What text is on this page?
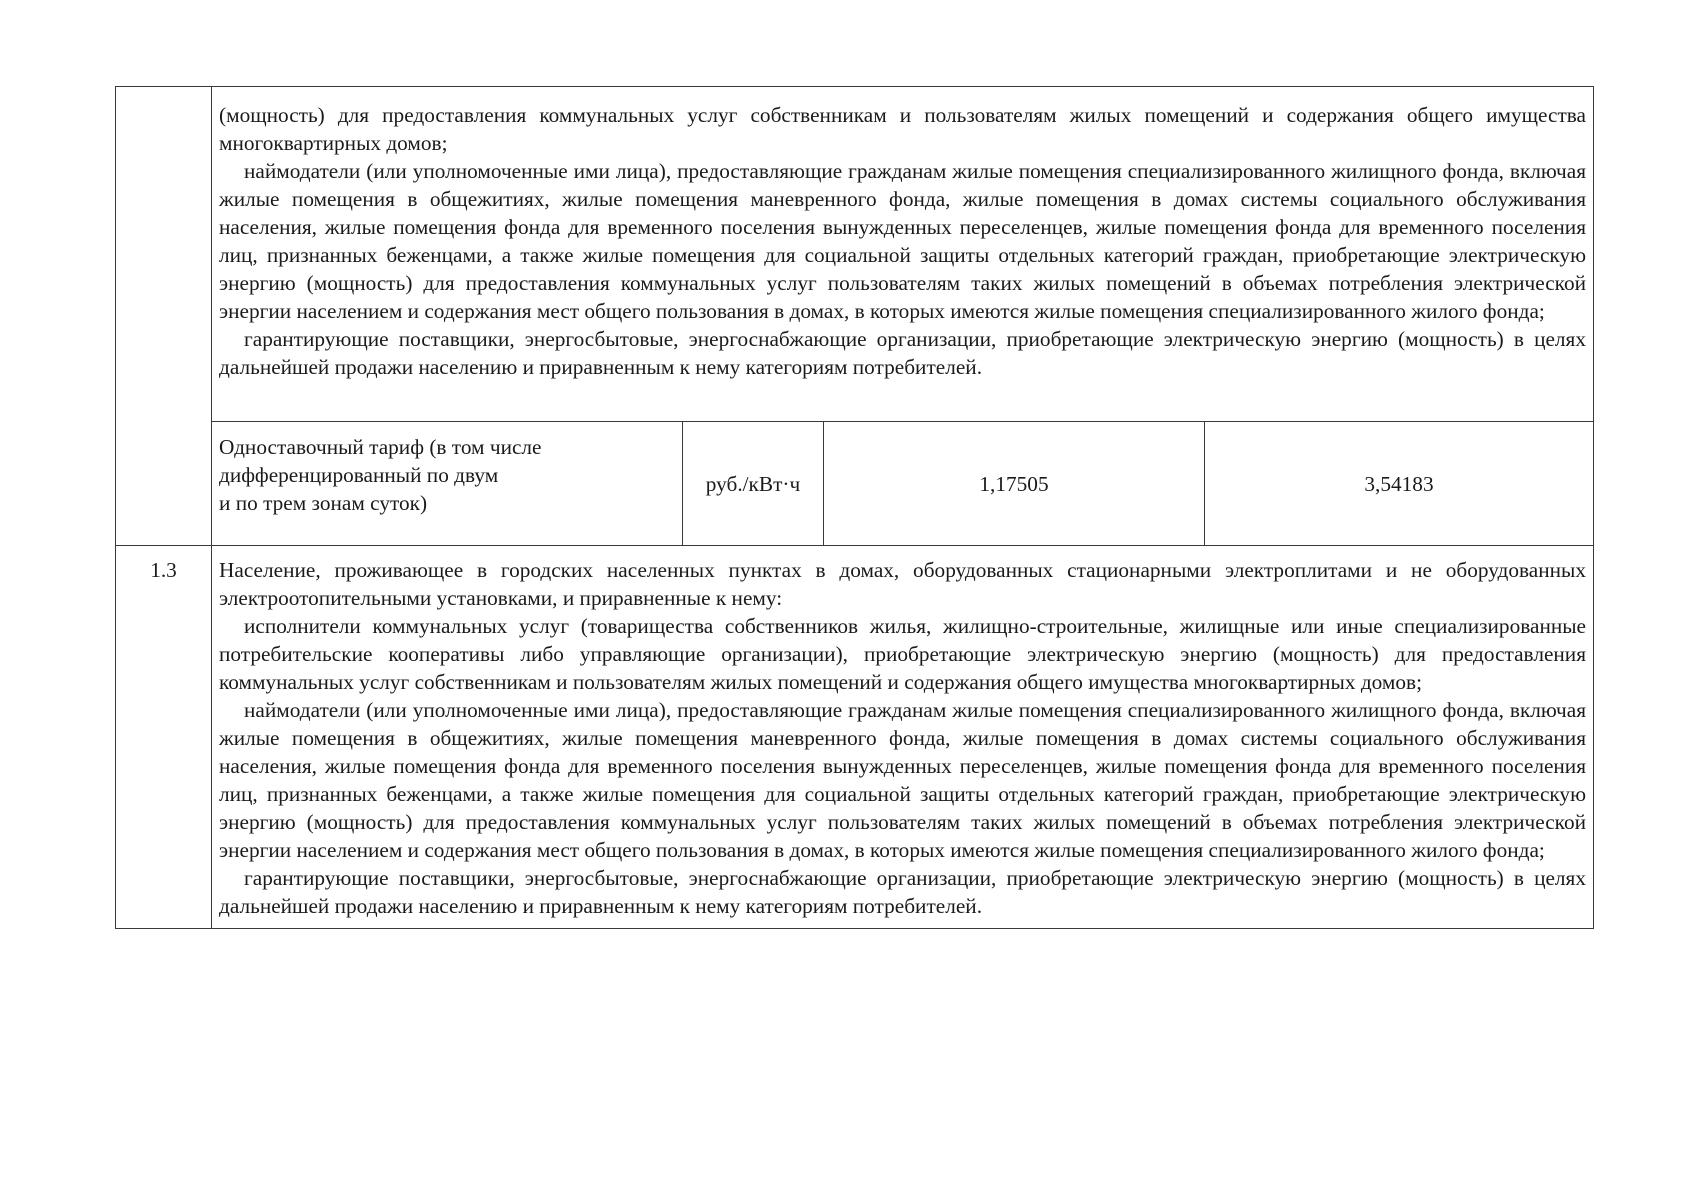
	(мощность) для предоставления коммунальных услуг собственникам и пользователям жилых помещений и содержания общего имущества многоквартирных домов;

наймодатели (или уполномоченные ими лица), предоставляющие гражданам жилые помещения специализированного жилищного фонда, включая жилые помещения в общежитиях, жилые помещения маневренного фонда, жилые помещения в домах системы социального обслуживания населения, жилые помещения фонда для временного поселения вынужденных переселенцев, жилые помещения фонда для временного поселения лиц, признанных беженцами, а также жилые помещения для социальной защиты отдельных категорий граждан, приобретающие электрическую энергию (мощность) для предоставления коммунальных услуг пользователям таких жилых помещений в объемах потребления электрической энергии населением и содержания мест общего пользования в домах, в которых имеются жилые помещения специализированного жилого фонда;

гарантирующие поставщики, энергосбытовые, энергоснабжающие организации, приобретающие электрическую энергию (мощность) в целях дальнейшей продажи населению и приравненным к нему категориям потребителей.			

	Одноставочный тариф (в том числе
дифференцированный по двум
и по трем зонам суток)	руб./кВт·ч	1,17505	3,54183
1.3	Население, проживающее в городских населенных пунктах в домах, оборудованных стационарными электроплитами и не оборудованных электроотопительными установками, и приравненные к нему:

исполнители коммунальных услуг (товарищества собственников жилья, жилищно-строительные, жилищные или иные специализированные потребительские кооперативы либо управляющие организации), приобретающие электрическую энергию (мощность) для предоставления коммунальных услуг собственникам и пользователям жилых помещений и содержания общего имущества многоквартирных домов;

наймодатели (или уполномоченные ими лица), предоставляющие гражданам жилые помещения специализированного жилищного фонда, включая жилые помещения в общежитиях, жилые помещения маневренного фонда, жилые помещения в домах системы социального обслуживания населения, жилые помещения фонда для временного поселения вынужденных переселенцев, жилые помещения фонда для временного поселения лиц, признанных беженцами, а также жилые помещения для социальной защиты отдельных категорий граждан, приобретающие электрическую энергию (мощность) для предоставления коммунальных услуг пользователям таких жилых помещений в объемах потребления электрической энергии населением и содержания мест общего пользования в домах, в которых имеются жилые помещения специализированного жилого фонда;

гарантирующие поставщики, энергосбытовые, энергоснабжающие организации, приобретающие электрическую энергию (мощность) в целях дальнейшей продажи населению и приравненным к нему категориям потребителей.			
